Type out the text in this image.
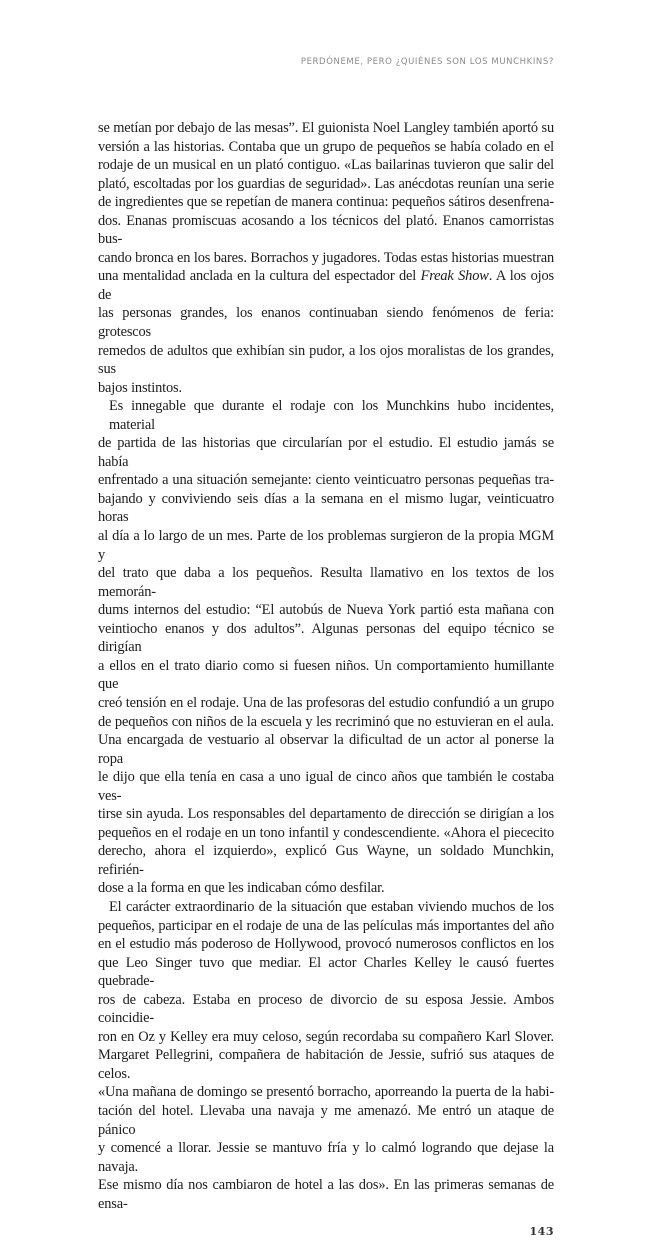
PERDÓNEME, PERO ¿QUIÉNES SON LOS MUNCHKINS?
se metían por debajo de las mesas”. El guionista Noel Langley también aportó su
versión a las historias. Contaba que un grupo de pequeños se había colado en el
rodaje de un musical en un plató contiguo. «Las bailarinas tuvieron que salir del
plató, escoltadas por los guardias de seguridad». Las anécdotas reunían una serie
de ingredientes que se repetían de manera continua: pequeños sátiros desenfrena-
dos. Enanas promiscuas acosando a los técnicos del plató. Enanos camorristas bus-
cando bronca en los bares. Borrachos y jugadores. Todas estas historias muestran
una mentalidad anclada en la cultura del espectador del Freak Show. A los ojos de
las personas grandes, los enanos continuaban siendo fenómenos de feria: grotescos
remedos de adultos que exhibían sin pudor, a los ojos moralistas de los grandes, sus
bajos instintos.
Es innegable que durante el rodaje con los Munchkins hubo incidentes, material
de partida de las historias que circularían por el estudio. El estudio jamás se había
enfrentado a una situación semejante: ciento veinticuatro personas pequeñas tra-
bajando y conviviendo seis días a la semana en el mismo lugar, veinticuatro horas
al día a lo largo de un mes. Parte de los problemas surgieron de la propia MGM y
del trato que daba a los pequeños. Resulta llamativo en los textos de los memorán-
dums internos del estudio: “El autobús de Nueva York partió esta mañana con
veintiocho enanos y dos adultos”. Algunas personas del equipo técnico se dirigían
a ellos en el trato diario como si fuesen niños. Un comportamiento humillante que
creó tensión en el rodaje. Una de las profesoras del estudio confundió a un grupo
de pequeños con niños de la escuela y les recriminó que no estuvieran en el aula.
Una encargada de vestuario al observar la dificultad de un actor al ponerse la ropa
le dijo que ella tenía en casa a uno igual de cinco años que también le costaba ves-
tirse sin ayuda. Los responsables del departamento de dirección se dirigían a los
pequeños en el rodaje en un tono infantil y condescendiente. «Ahora el piececito
derecho, ahora el izquierdo», explicó Gus Wayne, un soldado Munchkin, refirién-
dose a la forma en que les indicaban cómo desfilar.
El carácter extraordinario de la situación que estaban viviendo muchos de los
pequeños, participar en el rodaje de una de las películas más importantes del año
en el estudio más poderoso de Hollywood, provocó numerosos conflictos en los
que Leo Singer tuvo que mediar. El actor Charles Kelley le causó fuertes quebrade-
ros de cabeza. Estaba en proceso de divorcio de su esposa Jessie. Ambos coincidie-
ron en Oz y Kelley era muy celoso, según recordaba su compañero Karl Slover.
Margaret Pellegrini, compañera de habitación de Jessie, sufrió sus ataques de celos.
«Una mañana de domingo se presentó borracho, aporreando la puerta de la habi-
tación del hotel. Llevaba una navaja y me amenazó. Me entró un ataque de pánico
y comencé a llorar. Jessie se mantuvo fría y lo calmó logrando que dejase la navaja.
Ese mismo día nos cambiaron de hotel a las dos». En las primeras semanas de ensa-
143
